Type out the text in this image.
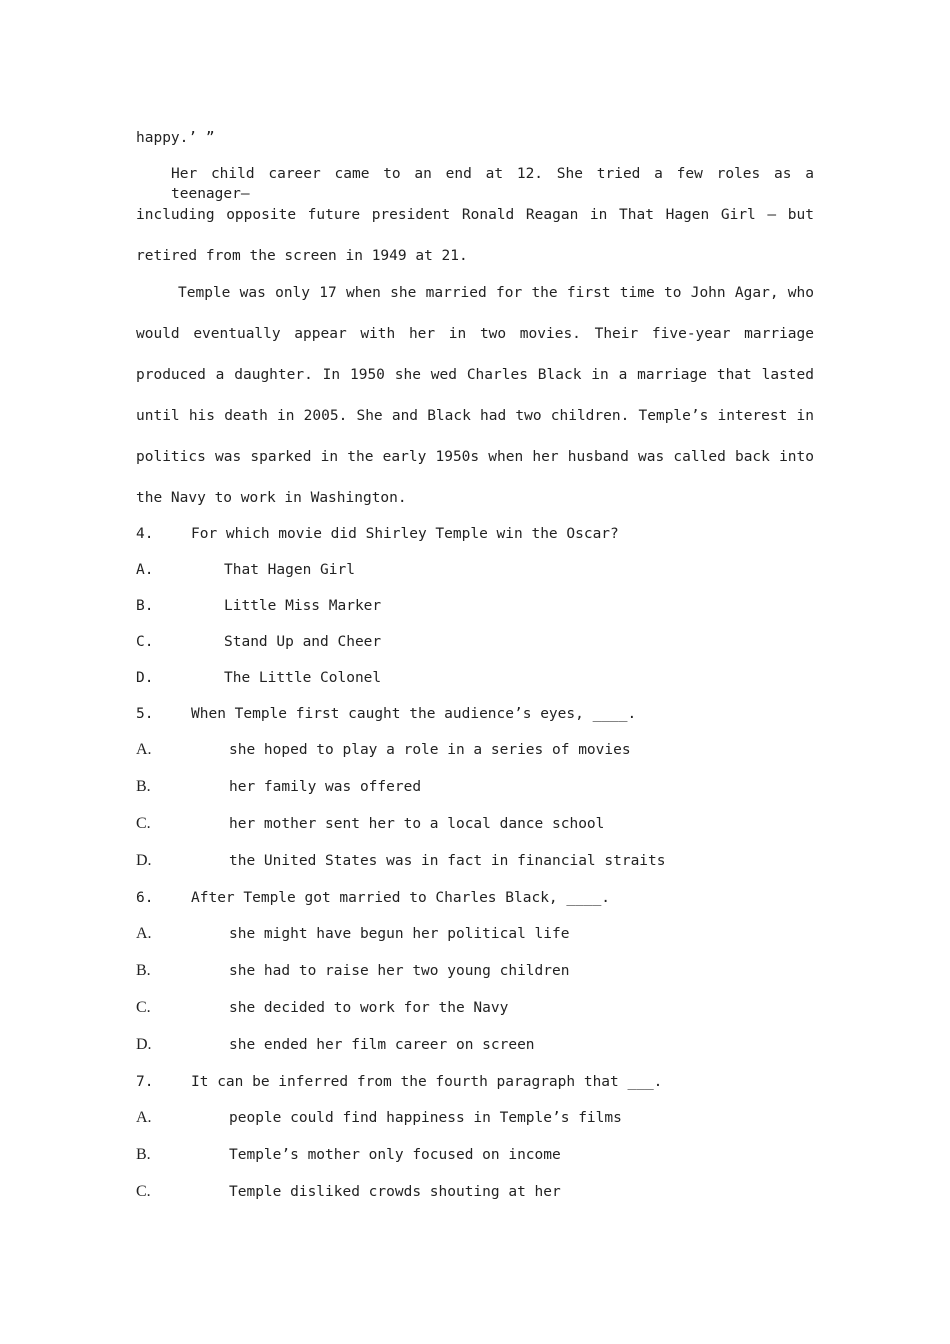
happy.’ ”
Her child career came to an end at 12. She tried a few roles as a teenager—
including opposite future president Ronald Reagan in That Hagen Girl – but
retired from the screen in 1949 at 21.
Temple was only 17 when she married for the first time to John Agar, who
would eventually appear with her in two movies. Their five-year marriage
produced a daughter. In 1950 she wed Charles Black in a marriage that lasted
until his death in 2005. She and Black had two children. Temple’s interest in
politics was sparked in the early 1950s when her husband was called back into
the Navy to work in Washington.
4.	For which movie did Shirley Temple win the Oscar?
A.	That Hagen Girl
B.	Little Miss Marker
C.	Stand Up and Cheer
D.	The Little Colonel
5.	When Temple first caught the audience’s eyes, ____.
A.	she hoped to play a role in a series of movies
B.	her family was offered
C.	her mother sent her to a local dance school
D.	the United States was in fact in financial straits
6.	After Temple got married to Charles Black, ____.
A.	she might have begun her political life
B.	she had to raise her two young children
C.	she decided to work for the Navy
D.	she ended her film career on screen
7.	It can be inferred from the fourth paragraph that ___.
A.	people could find happiness in Temple’s films
B.	Temple’s mother only focused on income
C.	Temple disliked crowds shouting at her
